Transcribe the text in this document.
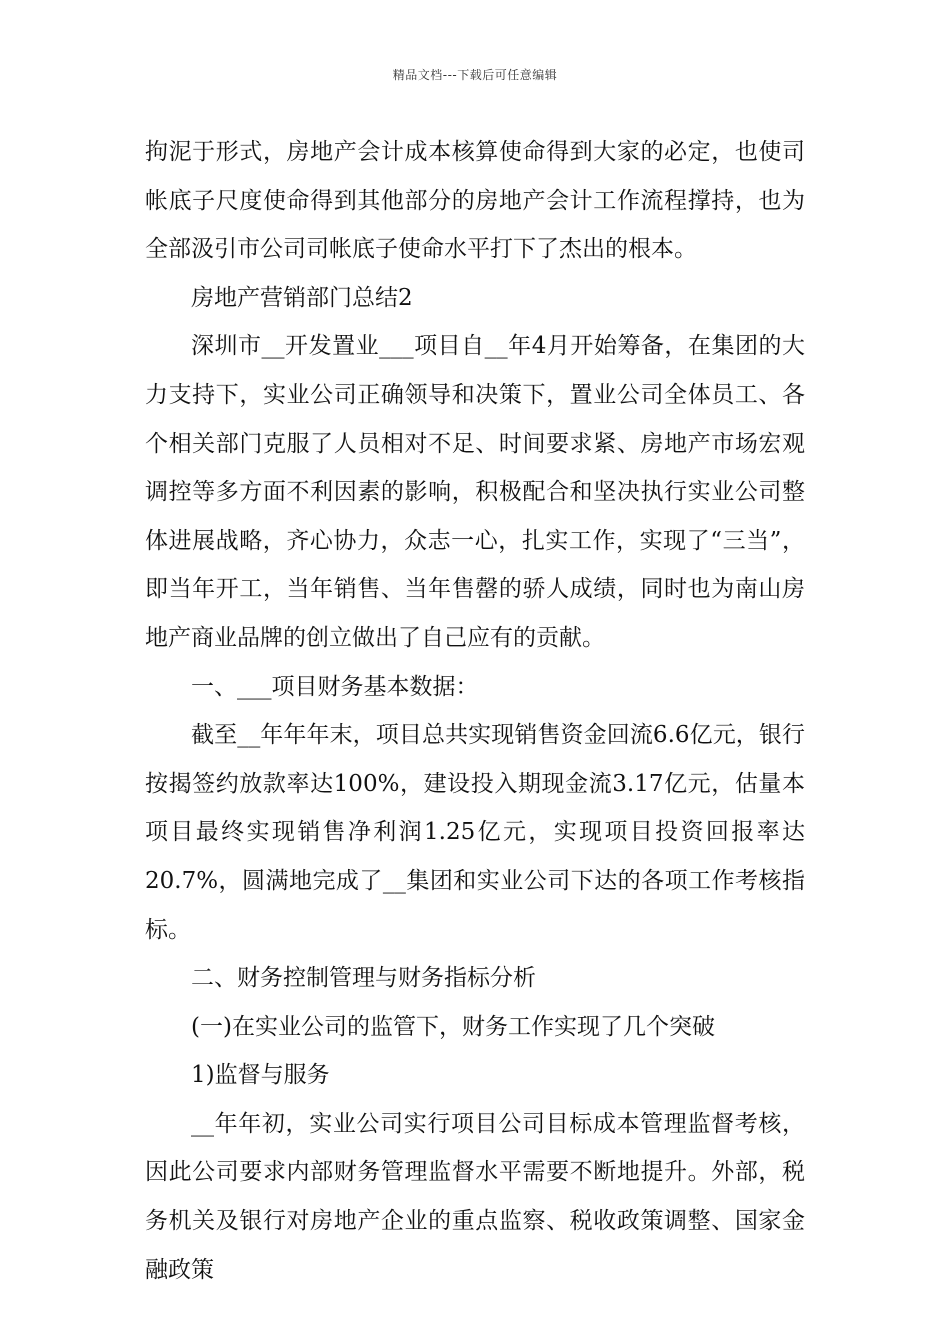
精品文档---下载后可任意编辑

拘泥于形式，房地产会计成本核算使命得到大家的必定，也使司帐底子尺度使命得到其他部分的房地产会计工作流程撑持，也为全部汲引市公司司帐底子使命水平打下了杰出的根本。

房地产营销部门总结2

深圳市__开发置业___项目自__年4月开始筹备，在集团的大力支持下，实业公司正确领导和决策下，置业公司全体员工、各个相关部门克服了人员相对不足、时间要求紧、房地产市场宏观调控等多方面不利因素的影响，积极配合和坚决执行实业公司整体进展战略，齐心协力，众志一心，扎实工作，实现了“三当”，即当年开工，当年销售、当年售罄的骄人成绩，同时也为南山房地产商业品牌的创立做出了自己应有的贡献。

一、___项目财务基本数据：

截至__年年年末，项目总共实现销售资金回流6.6亿元，银行按揭签约放款率达100%，建设投入期现金流3.17亿元，估量本项目最终实现销售净利润1.25亿元，实现项目投资回报率达20.7%，圆满地完成了__集团和实业公司下达的各项工作考核指标。

二、财务控制管理与财务指标分析

(一)在实业公司的监管下，财务工作实现了几个突破

1)监督与服务

__年年初，实业公司实行项目公司目标成本管理监督考核，因此公司要求内部财务管理监督水平需要不断地提升。外部，税务机关及银行对房地产企业的重点监察、税收政策调整、国家金融政策
